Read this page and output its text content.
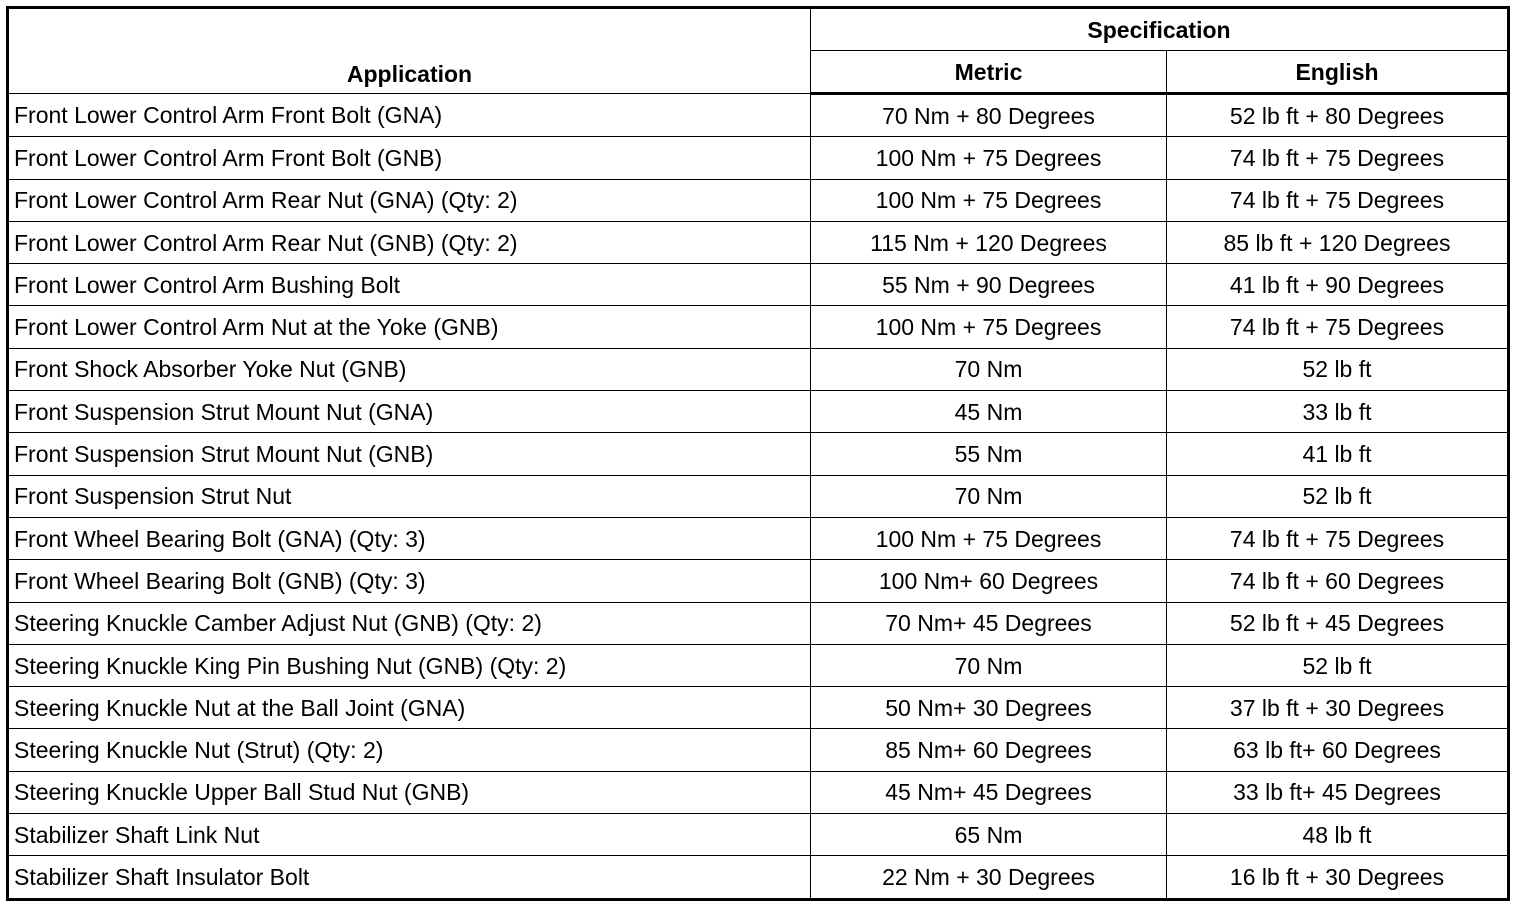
Application	Specification	
	Metric	English
Front Lower Control Arm Front Bolt (GNA)	70 Nm + 80 Degrees	52 lb ft + 80 Degrees
Front Lower Control Arm Front Bolt (GNB)	100 Nm + 75 Degrees	74 lb ft + 75 Degrees
Front Lower Control Arm Rear Nut (GNA) (Qty: 2)	100 Nm + 75 Degrees	74 lb ft + 75 Degrees
Front Lower Control Arm Rear Nut (GNB) (Qty: 2)	115 Nm + 120 Degrees	85 lb ft + 120 Degrees
Front Lower Control Arm Bushing Bolt	55 Nm + 90 Degrees	41 lb ft + 90 Degrees
Front Lower Control Arm Nut at the Yoke (GNB)	100 Nm + 75 Degrees	74 lb ft + 75 Degrees
Front Shock Absorber Yoke Nut (GNB)	70 Nm	52 lb ft
Front Suspension Strut Mount Nut (GNA)	45 Nm	33 lb ft
Front Suspension Strut Mount Nut (GNB)	55 Nm	41 lb ft
Front Suspension Strut Nut	70 Nm	52 lb ft
Front Wheel Bearing Bolt (GNA) (Qty: 3)	100 Nm + 75 Degrees	74 lb ft + 75 Degrees
Front Wheel Bearing Bolt (GNB) (Qty: 3)	100 Nm+ 60 Degrees	74 lb ft + 60 Degrees
Steering Knuckle Camber Adjust Nut (GNB) (Qty: 2)	70 Nm+ 45 Degrees	52 lb ft + 45 Degrees
Steering Knuckle King Pin Bushing Nut (GNB) (Qty: 2)	70 Nm	52 lb ft
Steering Knuckle Nut at the Ball Joint (GNA)	50 Nm+ 30 Degrees	37 lb ft + 30 Degrees
Steering Knuckle Nut (Strut) (Qty: 2)	85 Nm+ 60 Degrees	63 lb ft+ 60 Degrees
Steering Knuckle Upper Ball Stud Nut (GNB)	45 Nm+ 45 Degrees	33 lb ft+ 45 Degrees
Stabilizer Shaft Link Nut	65 Nm	48 lb ft
Stabilizer Shaft Insulator Bolt	22 Nm + 30 Degrees	16 lb ft + 30 Degrees
